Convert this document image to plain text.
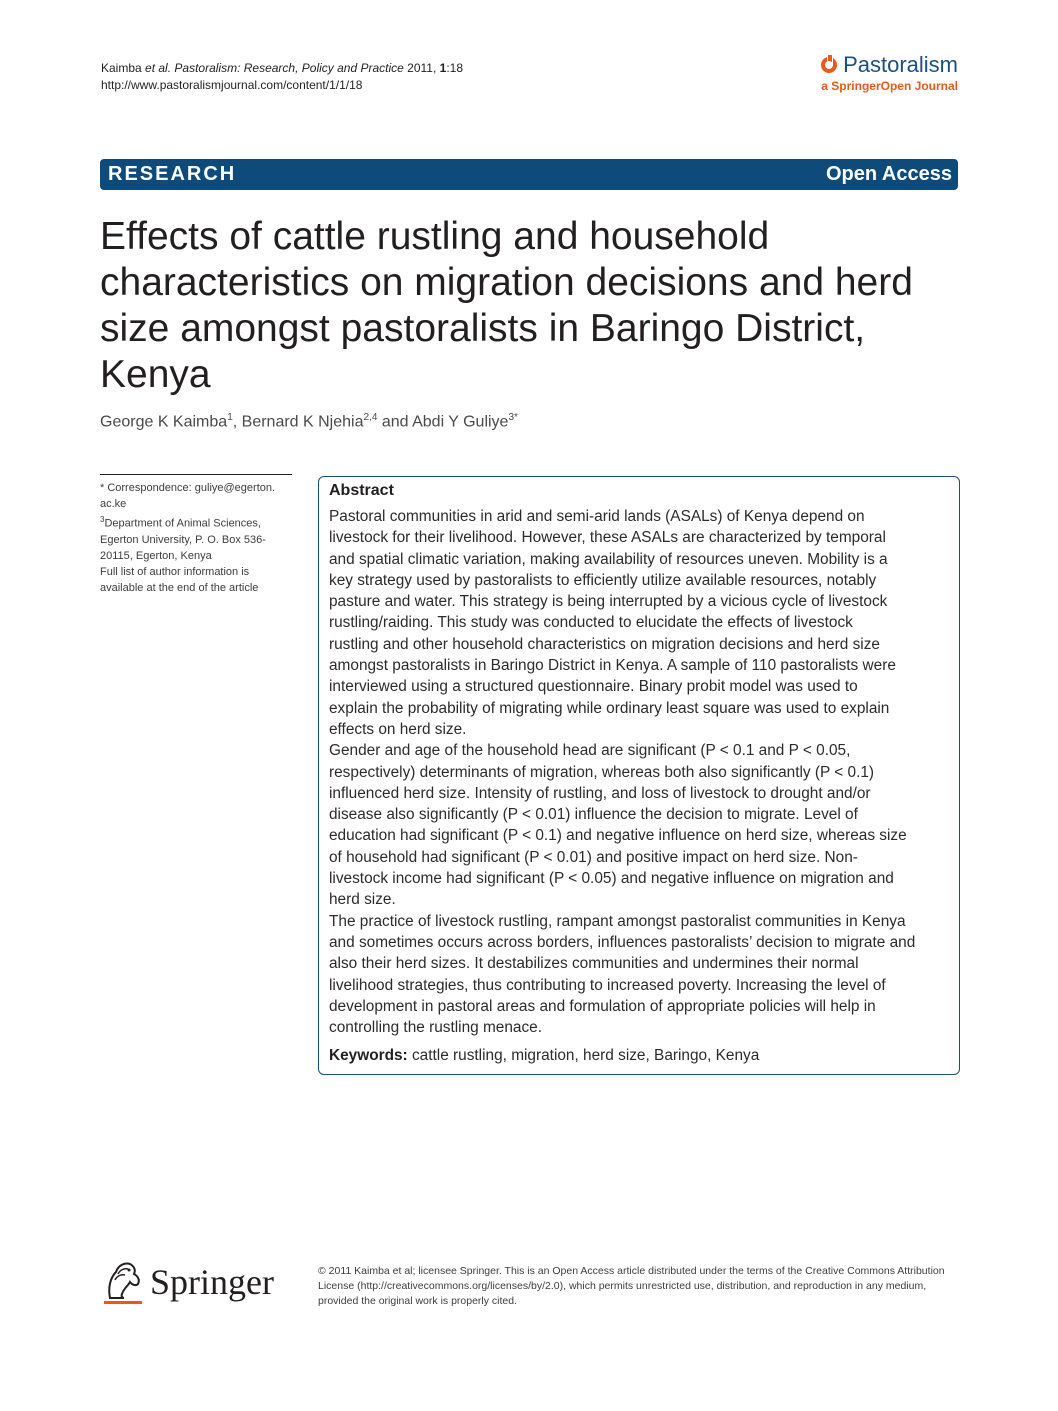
Kaimba et al. Pastoralism: Research, Policy and Practice 2011, 1:18
http://www.pastoralismjournal.com/content/1/1/18
Pastoralism
a SpringerOpen Journal
RESEARCH	Open Access
Effects of cattle rustling and household
characteristics on migration decisions and herd
size amongst pastoralists in Baringo District,
Kenya
George K Kaimba$^1$, Bernard K Njehia$^{2,4}$ and Abdi Y Guliye$^{3*}$
* Correspondence: guliye@egerton.
ac.ke
$^3$Department of Animal Sciences,
Egerton University, P. O. Box 536-
20115, Egerton, Kenya
Full list of author information is
available at the end of the article
Abstract
Pastoral communities in arid and semi-arid lands (ASALs) of Kenya depend on
livestock for their livelihood. However, these ASALs are characterized by temporal
and spatial climatic variation, making availability of resources uneven. Mobility is a
key strategy used by pastoralists to efficiently utilize available resources, notably
pasture and water. This strategy is being interrupted by a vicious cycle of livestock
rustling/raiding. This study was conducted to elucidate the effects of livestock
rustling and other household characteristics on migration decisions and herd size
amongst pastoralists in Baringo District in Kenya. A sample of 110 pastoralists were
interviewed using a structured questionnaire. Binary probit model was used to
explain the probability of migrating while ordinary least square was used to explain
effects on herd size.
Gender and age of the household head are significant (P < 0.1 and P < 0.05,
respectively) determinants of migration, whereas both also significantly (P < 0.1)
influenced herd size. Intensity of rustling, and loss of livestock to drought and/or
disease also significantly (P < 0.01) influence the decision to migrate. Level of
education had significant (P < 0.1) and negative influence on herd size, whereas size
of household had significant (P < 0.01) and positive impact on herd size. Non-
livestock income had significant (P < 0.05) and negative influence on migration and
herd size.
The practice of livestock rustling, rampant amongst pastoralist communities in Kenya
and sometimes occurs across borders, influences pastoralists’ decision to migrate and
also their herd sizes. It destabilizes communities and undermines their normal
livelihood strategies, thus contributing to increased poverty. Increasing the level of
development in pastoral areas and formulation of appropriate policies will help in
controlling the rustling menace.
Keywords: cattle rustling, migration, herd size, Baringo, Kenya
Springer	© 2011 Kaimba et al; licensee Springer. This is an Open Access article distributed under the terms of the Creative Commons Attribution
License (http://creativecommons.org/licenses/by/2.0), which permits unrestricted use, distribution, and reproduction in any medium,
provided the original work is properly cited.
